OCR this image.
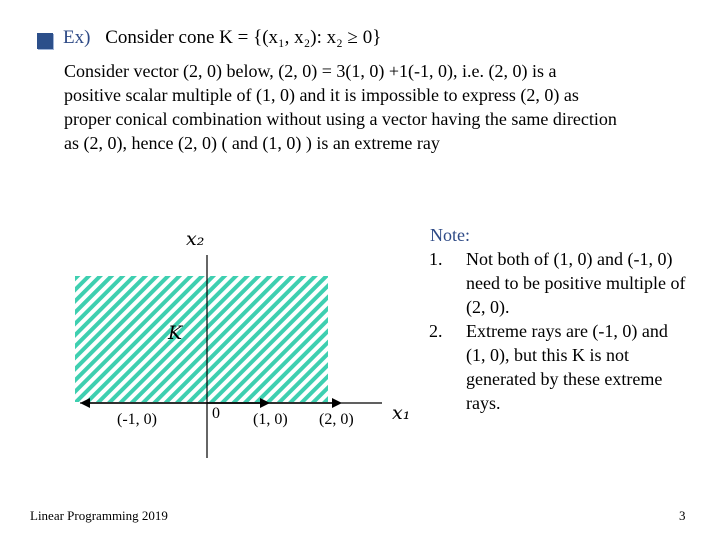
Ex) Consider cone K = {(x₁, x₂): x₂ ≥ 0}

Consider vector (2, 0) below, (2, 0) = 3(1, 0) +1(-1, 0), i.e. (2, 0) is a
positive scalar multiple of (1, 0) and it is impossible to express (2, 0) as
proper conical combination without using a vector having the same direction
as (2, 0), hence (2, 0) ( and (1, 0) ) is an extreme ray

x₂
x₁
K
(-1, 0)	0 (1, 0) (2, 0)
Note:
1. Not both of (1, 0) and (-1, 0)
need to be positive multiple of
(2, 0).
2. Extreme rays are (-1, 0) and
(1, 0), but this K is not
generated by these extreme
rays.
Linear Programming 2019	3
